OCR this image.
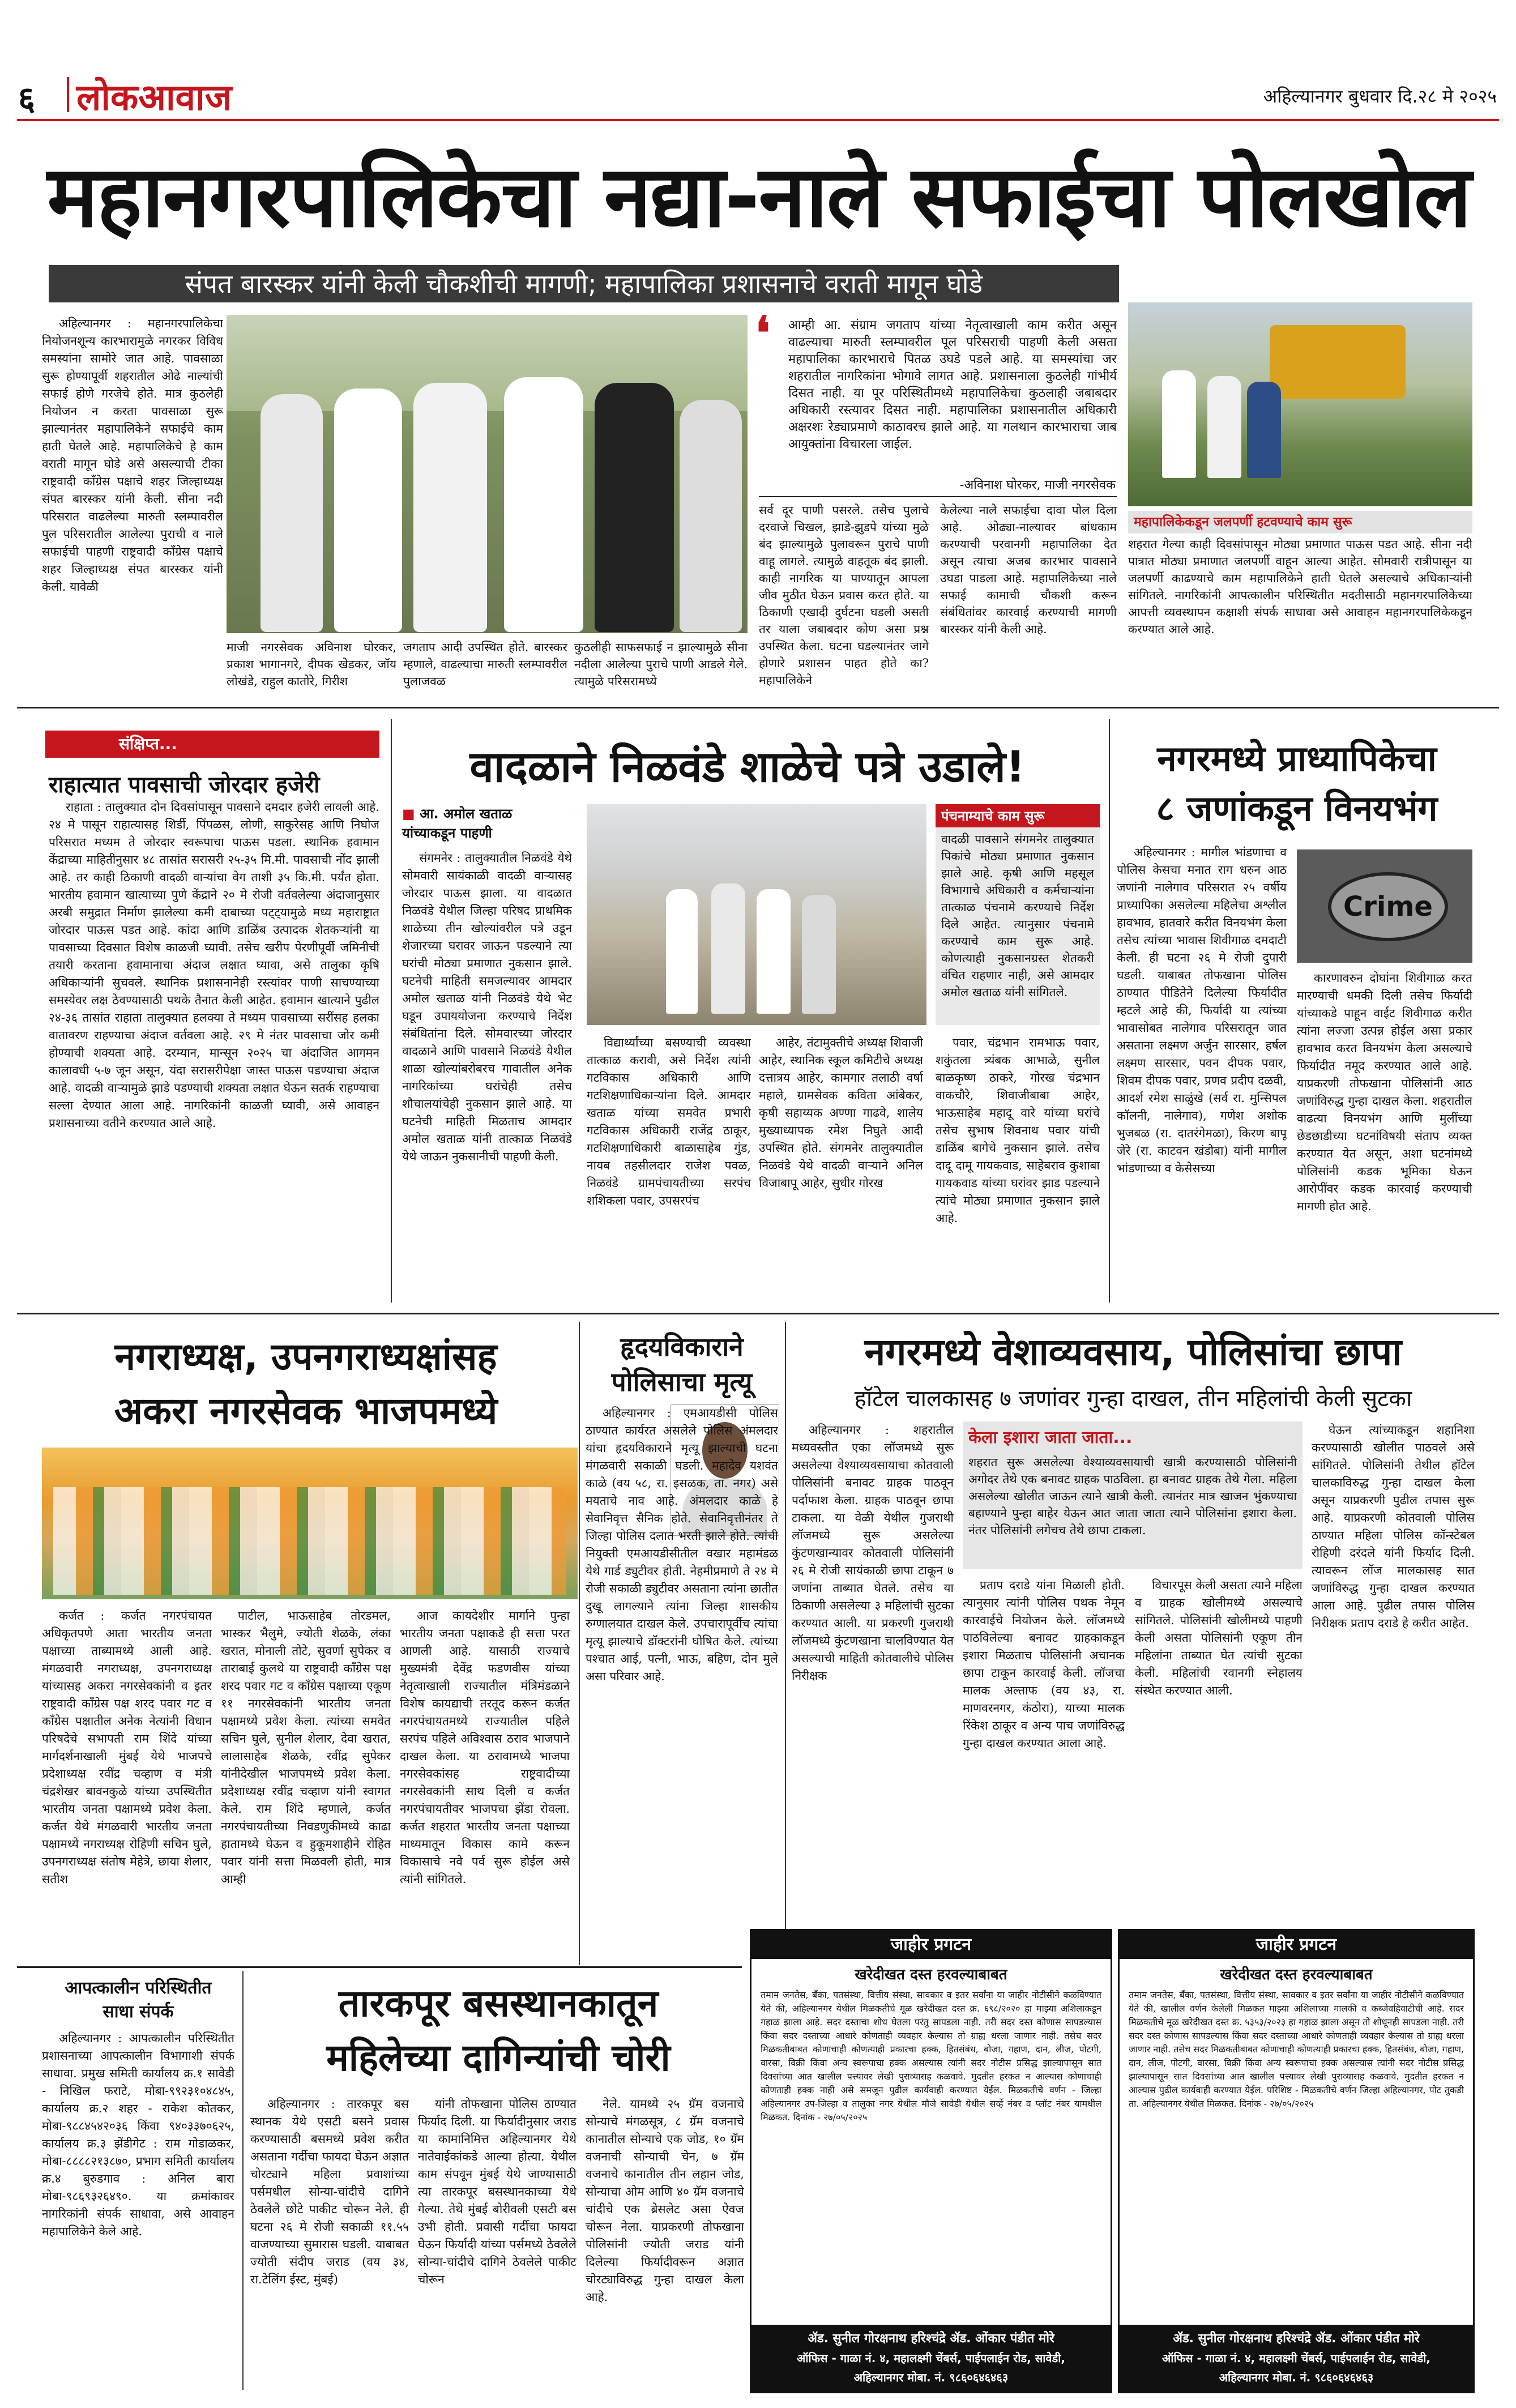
६ लोकआवाज	अहिल्यानगर बुधवार दि.२८ मे २०२५
महानगरपालिकेचा नद्या-नाले सफाईचा पोलखोल
संपत बारस्कर यांनी केली चौकशीची मागणी; महापालिका प्रशासनाचे वराती मागून घोडे

अहिल्यानगर : महानगरपालिकेचा नियोजनशून्य कारभारामुळे नगरकर विविध समस्यांना सामोरे जात आहे. पावसाळा सुरू होण्यापूर्वी शहरातील ओढे नाल्यांची सफाई होणे गरजेचे होते. मात्र कुठलेही नियोजन न करता पावसाळा सुरू झाल्यानंतर महापालिकेने सफाईचे काम हाती घेतले आहे. महापालिकेचे हे काम वराती मागून घोडे असे असल्याची टीका राष्ट्रवादी काँग्रेस पक्षाचे शहर जिल्हाध्यक्ष संपत बारस्कर यांनी केली. सीना नदी परिसरात वाढलेल्या मारुती स्लम्पावरील पुल परिसरातील आलेल्या पुराची व नाले सफाईची पाहणी राष्ट्रवादी काँग्रेस पक्षाचे शहर जिल्हाध्यक्ष संपत बारस्कर यांनी केली. यावेळी

माजी नगरसेवक अविनाश घोरकर, प्रकाश भागानगरे, दीपक खेडकर, जॉय लोखंडे, राहुल कातोरे, गिरीश
जगताप आदी उपस्थित होते. बारस्कर म्हणाले, वाढल्याचा मारुती स्लम्पावरील पुलाजवळ
कुठलीही साफसफाई न झाल्यामुळे सीना नदीला आलेल्या पुराचे पाणी आडले गेले. त्यामुळे परिसरामध्ये
❛ आम्ही आ. संग्राम जगताप यांच्या नेतृत्वाखाली काम करीत असून वाढल्याचा मारुती स्लम्पावरील पूल परिसराची पाहणी केली असता महापालिका कारभाराचे पितळ उघडे पडले आहे. या समस्यांचा जर शहरातील नागरिकांना भोगावे लागत आहे. प्रशासनाला कुठलेही गांभीर्य दिसत नाही. या पूर परिस्थितीमध्ये महापालिकेचा कुठलाही जबाबदार अधिकारी रस्त्यावर दिसत नाही. महापालिका प्रशासनातील अधिकारी अक्षरशः रेड्याप्रमाणे काठावरच झाले आहे. या गलथान कारभाराचा जाब आयुक्तांना विचारला जाईल.
-अविनाश घोरकर, माजी नगरसेवक
सर्व दूर पाणी पसरले. तसेच पुलाचे दरवाजे चिखल, झाडे-झुडपे यांच्या मुळे बंद झाल्यामुळे पुलावरून पुराचे पाणी वाहू लागले. त्यामुळे वाहतूक बंद झाली. काही नागरिक या पाण्यातून आपला जीव मुठीत घेऊन प्रवास करत होते. या ठिकाणी एखादी दुर्घटना घडली असती तर याला जबाबदार कोण असा प्रश्न उपस्थित केला. घटना घडल्यानंतर जागे होणारे प्रशासन पाहत होते का? महापालिकेने
केलेल्या नाले सफाईचा दावा पोल दिला आहे. ओढ्या-नाल्यावर बांधकाम करण्याची परवानगी महापालिका देत असून त्याचा अजब कारभार पावसाने उघडा पाडला आहे. महापालिकेच्या नाले सफाई कामाची चौकशी करून संबंधितांवर कारवाई करण्याची मागणी बारस्कर यांनी केली आहे.
महापालिकेकडून जलपर्णी हटवण्याचे काम सुरू
शहरात गेल्या काही दिवसांपासून मोठ्या प्रमाणात पाऊस पडत आहे. सीना नदी पात्रात मोठ्या प्रमाणात जलपर्णी वाहून आल्या आहेत. सोमवारी रात्रीपासून या जलपर्णी काढण्याचे काम महापालिकेने हाती घेतले असल्याचे अधिकाऱ्यांनी सांगितले. नागरिकांनी आपत्कालीन परिस्थितीत मदतीसाठी महानगरपालिकेच्या आपत्ती व्यवस्थापन कक्षाशी संपर्क साधावा असे आवाहन महानगरपालिकेकडून करण्यात आले आहे.
संक्षिप्त...
राहात्यात पावसाची जोरदार हजेरी

राहाता : तालुक्यात दोन दिवसांपासून पावसाने दमदार हजेरी लावली आहे. २४ मे पासून राहात्यासह शिर्डी, पिंपळस, लोणी, साकुरेसह आणि निघोज परिसरात मध्यम ते जोरदार स्वरूपाचा पाऊस पडला. स्थानिक हवामान केंद्राच्या माहितीनुसार ४८ तासांत सरासरी २५-३५ मि.मी. पावसाची नोंद झाली आहे. तर काही ठिकाणी वादळी वाऱ्यांचा वेग ताशी ३५ कि.मी. पर्यंत होता. भारतीय हवामान खात्याच्या पुणे केंद्राने २० मे रोजी वर्तवलेल्या अंदाजानुसार अरबी समुद्रात निर्माण झालेल्या कमी दाबाच्या पट्ट्यामुळे मध्य महाराष्ट्रात जोरदार पाऊस पडत आहे. कांदा आणि डाळिंब उत्पादक शेतकऱ्यांनी या पावसाच्या दिवसात विशेष काळजी घ्यावी. तसेच खरीप पेरणीपूर्वी जमिनीची तयारी करताना हवामानाचा अंदाज लक्षात घ्यावा, असे तालुका कृषि अधिकाऱ्यांनी सुचवले. स्थानिक प्रशासनानेही रस्त्यांवर पाणी साचण्याच्या समस्येवर लक्ष ठेवण्यासाठी पथके तैनात केली आहेत. हवामान खात्याने पुढील २४-३६ तासांत राहाता तालुक्यात हलक्या ते मध्यम पावसाच्या सरींसह हलका वातावरण राहण्याचा अंदाज वर्तवला आहे. २९ मे नंतर पावसाचा जोर कमी होण्याची शक्यता आहे. दरम्यान, मान्सून २०२५ चा अंदाजित आगमन कालावधी ५-७ जून असून, यंदा सरासरीपेक्षा जास्त पाऊस पडण्याचा अंदाज आहे. वादळी वाऱ्यामुळे झाडे पडण्याची शक्यता लक्षात घेऊन सतर्क राहण्याचा सल्ला देण्यात आला आहे. नागरिकांनी काळजी घ्यावी, असे आवाहन प्रशासनाच्या वतीने करण्यात आले आहे.

वादळाने निळवंडे शाळेचे पत्रे उडाले!
■ आ. अमोल खताळ यांच्याकडून पाहणी

संगमनेर : तालुक्यातील निळवंडे येथे सोमवारी सायंकाळी वादळी वाऱ्यासह जोरदार पाऊस झाला. या वादळात निळवंडे येथील जिल्हा परिषद प्राथमिक शाळेच्या तीन खोल्यांवरील पत्रे उडून शेजारच्या घरावर जाऊन पडल्याने त्या घरांची मोठ्या प्रमाणात नुकसान झाले. घटनेची माहिती समजल्यावर आमदार अमोल खताळ यांनी निळवंडे येथे भेट घडून उपाययोजना करण्याचे निर्देश संबंधितांना दिले. सोमवारच्या जोरदार वादळाने आणि पावसाने निळवंडे येथील शाळा खोल्यांबरोबरच गावातील अनेक नागरिकांच्या घरांचेही तसेच शौचालयांचेही नुकसान झाले आहे. या घटनेची माहिती मिळताच आमदार अमोल खताळ यांनी तात्काळ निळवंडे येथे जाऊन नुकसानीची पाहणी केली.

पंचनाम्याचे काम सुरू
वादळी पावसाने संगमनेर तालुक्यात पिकांचे मोठ्या प्रमाणात नुकसान झाले आहे. कृषी आणि महसूल विभागाचे अधिकारी व कर्मचाऱ्यांना तात्काळ पंचनामे करण्याचे निर्देश दिले आहेत. त्यानुसार पंचनामे करण्याचे काम सुरू आहे. कोणत्याही नुकसानग्रस्त शेतकरी वंचित राहणार नाही, असे आमदार अमोल खताळ यांनी सांगितले.

विद्यार्थ्यांच्या बसण्याची व्यवस्था तात्काळ करावी, असे निर्देश त्यांनी गटविकास अधिकारी आणि गटशिक्षणाधिकाऱ्यांना दिले. आमदार खताळ यांच्या समवेत प्रभारी गटविकास अधिकारी राजेंद्र ठाकूर, गटशिक्षणाधिकारी बाळासाहेब गुंड, नायब तहसीलदार राजेश पवळ, निळवंडे ग्रामपंचायतीच्या सरपंच शशिकला पवार, उपसरपंच

आहेर, तंटामुक्तीचे अध्यक्ष शिवाजी आहेर, स्थानिक स्कूल कमिटीचे अध्यक्ष दत्तात्रय आहेर, कामगार तलाठी वर्षा महाले, ग्रामसेवक कविता आंबेकर, कृषी सहाय्यक अण्णा गाढवे, शालेय मुख्याध्यापक रमेश निघुते आदी उपस्थित होते. संगमनेर तालुक्यातील निळवंडे येथे वादळी वाऱ्याने अनिल विजाबापू आहेर, सुधीर गोरख

पवार, चंद्रभान रामभाऊ पवार, शकुंतला त्र्यंबक आभाळे, सुनील बाळकृष्ण ठाकरे, गोरख चंद्रभान वाकचौरे, शिवाजीबाबा आहेर, भाऊसाहेब महादू वारे यांच्या घरांचे तसेच सुभाष शिवनाथ पवार यांची डाळिंब बागेचे नुकसान झाले. तसेच दादू दामू गायकवाड, साहेबराव कुशाबा गायकवाड यांच्या घरांवर झाड पडल्याने त्यांचे मोठ्या प्रमाणात नुकसान झाले आहे.

नगरमध्ये प्राध्यापिकेचा
८ जणांकडून विनयभंग

अहिल्यानगर : मागील भांडणाचा व पोलिस केसचा मनात राग धरुन आठ जणांनी नालेगाव परिसरात २५ वर्षीय प्राध्यापिका असलेल्या महिलेचा अश्लील हावभाव, हातवारे करीत विनयभंग केला तसेच त्यांच्या भावास शिवीगाळ दमदाटी केली. ही घटना २६ मे रोजी दुपारी घडली. याबाबत तोफखाना पोलिस ठाण्यात पीडितेने दिलेल्या फिर्यादीत म्हटले आहे की, फिर्यादी या त्यांच्या भावासोबत नालेगाव परिसरातून जात असताना लक्ष्मण अर्जुन सारसार, हर्षल लक्ष्मण सारसार, पवन दीपक पवार, शिवम दीपक पवार, प्रणव प्रदीप दळवी, आदर्श रमेश साळुंखे (सर्व रा. मुन्सिपल कॉलनी, नालेगाव), गणेश अशोक भुजबळ (रा. दातरंगेमळा), किरण बापू जेरे (रा. काटवन खंडोबा) यांनी मागील भांडणाच्या व केसेसच्या

Crime

कारणावरुन दोघांना शिवीगाळ करत मारण्याची धमकी दिली तसेच फिर्यादी यांच्याकडे पाहून वाईट शिवीगाळ करीत त्यांना लज्जा उत्पन्न होईल असा प्रकार हावभाव करत विनयभंग केला असल्याचे फिर्यादीत नमूद करण्यात आले आहे. याप्रकरणी तोफखाना पोलिसांनी आठ जणांविरुद्ध गुन्हा दाखल केला. शहरातील वाढत्या विनयभंग आणि मुलींच्या छेडछाडीच्या घटनांविषयी संताप व्यक्त करण्यात येत असून, अशा घटनांमध्ये पोलिसांनी कडक भूमिका घेऊन आरोपींवर कडक कारवाई करण्याची मागणी होत आहे.

नगराध्यक्ष, उपनगराध्यक्षांसह
अकरा नगरसेवक भाजपमध्ये

कर्जत : कर्जत नगरपंचायत अधिकृतपणे आता भारतीय जनता पक्षाच्या ताब्यामध्ये आली आहे. मंगळवारी नगराध्यक्ष, उपनगराध्यक्ष यांच्यासह अकरा नगरसेवकांनी व इतर राष्ट्रवादी काँग्रेस पक्ष शरद पवार गट व काँग्रेस पक्षातील अनेक नेत्यांनी विधान परिषदेचे सभापती राम शिंदे यांच्या मार्गदर्शनाखाली मुंबई येथे भाजपचे प्रदेशाध्यक्ष रवींद्र चव्हाण व मंत्री चंद्रशेखर बावनकुळे यांच्या उपस्थितीत भारतीय जनता पक्षामध्ये प्रवेश केला. कर्जत येथे मंगळवारी भारतीय जनता पक्षामध्ये नगराध्यक्ष रोहिणी सचिन घुले, उपनगराध्यक्ष संतोष मेहेत्रे, छाया शेलार, सतीश

पाटील, भाऊसाहेब तोरडमल, भास्कर भैलुमे, ज्योती शेळके, लंका खरात, मोनाली तोटे, सुवर्णा सुपेकर व ताराबाई कुलथे या राष्ट्रवादी काँग्रेस पक्ष शरद पवार गट व काँग्रेस पक्षाच्या एकूण ११ नगरसेवकांनी भारतीय जनता पक्षामध्ये प्रवेश केला. त्यांच्या समवेत सचिन घुले, सुनील शेलार, देवा खरात, लालासाहेब शेळके, रवींद्र सुपेकर यांनीदेखील भाजपमध्ये प्रवेश केला. प्रदेशाध्यक्ष रवींद्र चव्हाण यांनी स्वागत केले. राम शिंदे म्हणाले, कर्जत नगरपंचायतीच्या निवडणुकीमध्ये काढा हातामध्ये घेऊन व हुकूमशाहीने रोहित पवार यांनी सत्ता मिळवली होती, मात्र आम्ही

आज कायदेशीर मार्गाने पुन्हा भारतीय जनता पक्षाकडे ही सत्ता परत आणली आहे. यासाठी राज्याचे मुख्यमंत्री देवेंद्र फडणवीस यांच्या नेतृत्वाखाली राज्यातील मंत्रिमंडळाने विशेष कायद्याची तरतूद करून कर्जत नगरपंचायतमध्ये राज्यातील पहिले सरपंच पहिले अविश्वास ठराव भाजपाने दाखल केला. या ठरावामध्ये भाजपा नगरसेवकांसह राष्ट्रवादीच्या नगरसेवकांनी साथ दिली व कर्जत नगरपंचायतीवर भाजपचा झेंडा रोवला. कर्जत शहरात भारतीय जनता पक्षाच्या माध्यमातून विकास कामे करून विकासाचे नवे पर्व सुरू होईल असे त्यांनी सांगितले.

हृदयविकाराने
पोलिसाचा मृत्यू

अहिल्यानगर : एमआयडीसी पोलिस ठाण्यात कार्यरत असलेले पोलिस अंमलदार यांचा हृदयविकाराने मृत्यू झाल्याची घटना मंगळवारी सकाळी घडली. महादेव यशवंत काळे (वय ५८, रा. इसळक, ता. नगर) असे मयताचे नाव आहे. अंमलदार काळे हे सेवानिवृत्त सैनिक होते. सेवानिवृत्तीनंतर ते जिल्हा पोलिस दलात भरती झाले होते. त्यांची नियुक्ती एमआयडीसीतील वखार महामंडळ येथे गार्ड ड्युटीवर होती. नेहमीप्रमाणे ते २४ मे रोजी सकाळी ड्युटीवर असताना त्यांना छातीत दुखू लागल्याने त्यांना जिल्हा शासकीय रुग्णालयात दाखल केले. उपचारापूर्वीच त्यांचा मृत्यू झाल्याचे डॉक्टरांनी घोषित केले. त्यांच्या पश्चात आई, पत्नी, भाऊ, बहिण, दोन मुले असा परिवार आहे.

नगरमध्ये वेशाव्यवसाय, पोलिसांचा छापा
हॉटेल चालकासह ७ जणांवर गुन्हा दाखल, तीन महिलांची केली सुटका

अहिल्यानगर : शहरातील मध्यवस्तीत एका लॉजमध्ये सुरू असलेल्या वेश्याव्यवसायाचा कोतवाली पोलिसांनी बनावट ग्राहक पाठवून पर्दाफाश केला. ग्राहक पाठवून छापा टाकला. या वेळी येथील गुजराथी लॉजमध्ये सुरू असलेल्या कुंटणखान्यावर कोतवाली पोलिसांनी २६ मे रोजी सायंकाळी छापा टाकून ७ जणांना ताब्यात घेतले. तसेच या ठिकाणी असलेल्या ३ महिलांची सुटका करण्यात आली. या प्रकरणी गुजराथी लॉजमध्ये कुंटणखाना चालविण्यात येत असल्याची माहिती कोतवालीचे पोलिस निरीक्षक

केला इशारा जाता जाता...
शहरात सुरू असलेल्या वेश्याव्यवसायाची खात्री करण्यासाठी पोलिसांनी अगोदर तेथे एक बनावट ग्राहक पाठविला. हा बनावट ग्राहक तेथे गेला. महिला असलेल्या खोलीत जाऊन त्याने खात्री केली. त्यानंतर मात्र खाजन भुंकण्याचा बहाण्याने पुन्हा बाहेर येऊन आत जाता जाता त्याने पोलिसांना इशारा केला. नंतर पोलिसांनी लगेचच तेथे छापा टाकला.

प्रताप दराडे यांना मिळाली होती. त्यानुसार त्यांनी पोलिस पथक नेमून कारवाईचे नियोजन केले. लॉजमध्ये पाठविलेल्या बनावट ग्राहकाकडून इशारा मिळताच पोलिसांनी अचानक छापा टाकून कारवाई केली. लॉजचा मालक अल्ताफ (वय ४३, रा. माणवरनगर, कंठोरा), याच्या मालक रिंकेश ठाकूर व अन्य पाच जणांविरुद्ध गुन्हा दाखल करण्यात आला आहे.

विचारपूस केली असता त्याने महिला व ग्राहक खोलीमध्ये असल्याचे सांगितले. पोलिसांनी खोलीमध्ये पाहणी केली असता पोलिसांनी एकूण तीन महिलांना ताब्यात घेत त्यांची सुटका केली. महिलांची रवानगी स्नेहालय संस्थेत करण्यात आली.

घेऊन त्यांच्याकडून शहानिशा करण्यासाठी खोलीत पाठवले असे सांगितले. पोलिसांनी तेथील हॉटेल चालकाविरुद्ध गुन्हा दाखल केला असून याप्रकरणी पुढील तपास सुरू आहे. याप्रकरणी कोतवाली पोलिस ठाण्यात महिला पोलिस कॉन्स्टेबल रोहिणी दरंदले यांनी फिर्याद दिली. त्यावरून लॉज मालकासह सात जणांविरुद्ध गुन्हा दाखल करण्यात आला आहे. पुढील तपास पोलिस निरीक्षक प्रताप दराडे हे करीत आहेत.

आपत्कालीन परिस्थितीत
साधा संपर्क

अहिल्यानगर : आपत्कालीन परिस्थितीत प्रशासनाच्या आपत्कालीन विभागाशी संपर्क साधावा. प्रमुख समिती कार्यालय क्र.१ सावेडी - निखिल फराटे, मोबा-९९२३१०४८४५, कार्यालय क्र.२ शहर - राकेश कोतकर, मोबा-९८८४५४२०३६ किंवा ९४०३३७०६२५, कार्यालय क्र.३ झेंडीगेट : राम गोडाळकर, मोबा-८८८८२१३८७०, प्रभाग समिती कार्यालय क्र.४ बुरुडगाव : अनिल बारा मोबा-९८६९३२६४९०. या क्रमांकावर नागरिकांनी संपर्क साधावा, असे आवाहन महापालिकेने केले आहे.

तारकपूर बसस्थानकातून
महिलेच्या दागिन्यांची चोरी

अहिल्यानगर : तारकपूर बस स्थानक येथे एसटी बसने प्रवास करण्यासाठी बसमध्ये प्रवेश करीत असताना गर्दीचा फायदा घेऊन अज्ञात चोरट्याने महिला प्रवाशांच्या पर्समधील सोन्या-चांदीचे दागिने ठेवलेले छोटे पाकीट चोरून नेले. ही घटना २६ मे रोजी सकाळी ११.५५ वाजण्याच्या सुमारास घडली. याबाबत ज्योती संदीप जराड (वय ३४, रा.टेलिंग ईस्ट, मुंबई)

यांनी तोफखाना पोलिस ठाण्यात फिर्याद दिली. या फिर्यादीनुसार जराड या कामानिमित्त अहिल्यानगर येथे नातेवाईकांकडे आल्या होत्या. येथील काम संपवून मुंबई येथे जाण्यासाठी त्या तारकपूर बसस्थानकाच्या येथे गेल्या. तेथे मुंबई बोरीवली एसटी बस उभी होती. प्रवासी गर्दीचा फायदा घेऊन फिर्यादी यांच्या पर्समध्ये ठेवलेले सोन्या-चांदीचे दागिने ठेवलेले पाकीट चोरून

नेले. यामध्ये २५ ग्रॅम वजनाचे सोन्याचे मंगळसूत्र, ८ ग्रॅम वजनाचे कानातील सोन्याचे एक जोड, १० ग्रॅम वजनाची सोन्याची चेन, ७ ग्रॅम वजनाचे कानातील तीन लहान जोड, सोन्याचा ओम आणि ४० ग्रॅम वजनाचे चांदीचे एक ब्रेसलेट असा ऐवज चोरून नेला. याप्रकरणी तोफखाना पोलिसांनी ज्योती जराड यांनी दिलेल्या फिर्यादीवरून अज्ञात चोरट्याविरुद्ध गुन्हा दाखल केला आहे.

जाहीर प्रगटन
खरेदीखत दस्त हरवल्याबाबत
तमाम जनतेस, बँका, पतसंस्था, वित्तीय संस्था, सावकार व इतर सर्वांना या जाहीर नोटीसीने कळविण्यात येते की, अहिल्यानगर येथील मिळकतीचे मूळ खरेदीखत दस्त क्र. ६९८/२०२० हा माझ्या अशिलाकडून गहाळ झाला आहे. सदर दस्ताचा शोध घेतला परंतु सापडला नाही. तरी सदर दस्त कोणास सापडल्यास किंवा सदर दस्ताच्या आधारे कोणताही व्यवहार केल्यास तो ग्राह्य धरला जाणार नाही. तसेच सदर मिळकतीबाबत कोणाचाही कोणत्याही प्रकारचा हक्क, हितसंबंध, बोजा, गहाण, दान, लीज, पोटगी, वारसा, विक्री किंवा अन्य स्वरूपाचा हक्क असल्यास त्यांनी सदर नोटीस प्रसिद्ध झाल्यापासून सात दिवसांच्या आत खालील पत्त्यावर लेखी पुराव्यासह कळवावे. मुदतीत हरकत न आल्यास कोणाचाही कोणताही हक्क नाही असे समजून पुढील कार्यवाही करण्यात येईल. मिळकतीचे वर्णन - जिल्हा अहिल्यानगर उप-जिल्हा व तालुका नगर येथील मौजे सावेडी येथील सर्व्हे नंबर व प्लॉट नंबर यामधील मिळकत. दिनांक - २७/०५/२०२५
ॲड. सुनील गोरक्षनाथ हरिश्चंद्रे ॲड. ओंकार पंडीत मोरे
ऑफिस - गाळा नं. ४, महालक्ष्मी चेंबर्स, पाईपलाईन रोड, सावेडी,
अहिल्यानगर मोबा. नं. ९८६०६४६४६३
जाहीर प्रगटन
खरेदीखत दस्त हरवल्याबाबत
तमाम जनतेस, बँका, पतसंस्था, वित्तीय संस्था, सावकार व इतर सर्वांना या जाहीर नोटीसीने कळविण्यात येते की, खालील वर्णन केलेली मिळकत माझ्या अशिलाच्या मालकी व कब्जेवहिवाटीची आहे. सदर मिळकतीचे मूळ खरेदीखत दस्त क्र. ५३५३/२०२३ हा गहाळ झाला असून तो शोधूनही सापडला नाही. तरी सदर दस्त कोणास सापडल्यास किंवा सदर दस्ताच्या आधारे कोणताही व्यवहार केल्यास तो ग्राह्य धरला जाणार नाही. तसेच सदर मिळकतीबाबत कोणाचाही कोणत्याही प्रकारचा हक्क, हितसंबंध, बोजा, गहाण, दान, लीज, पोटगी, वारसा, विक्री किंवा अन्य स्वरूपाचा हक्क असल्यास त्यांनी सदर नोटीस प्रसिद्ध झाल्यापासून सात दिवसांच्या आत खालील पत्त्यावर लेखी पुराव्यासह कळवावे. मुदतीत हरकत न आल्यास पुढील कार्यवाही करण्यात येईल. परिशिष्ट - मिळकतीचे वर्णन जिल्हा अहिल्यानगर, पोट तुकडी ता. अहिल्यानगर येथील मिळकत. दिनांक - २७/०५/२०२५
ॲड. सुनील गोरक्षनाथ हरिश्चंद्रे ॲड. ओंकार पंडीत मोरे
ऑफिस - गाळा नं. ४, महालक्ष्मी चेंबर्स, पाईपलाईन रोड, सावेडी,
अहिल्यानगर मोबा. नं. ९८६०६४६४६३
